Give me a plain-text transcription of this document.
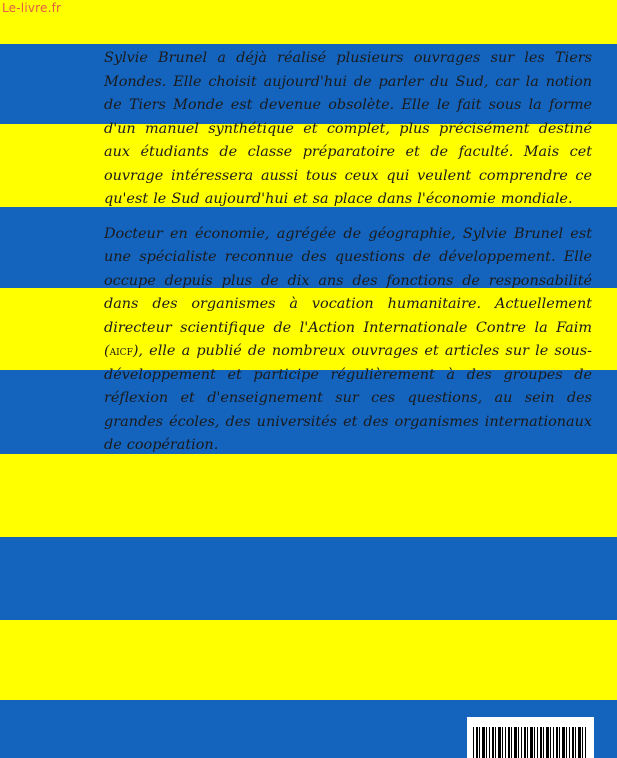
Le-livre.fr

Sylvie Brunel a déjà réalisé plusieurs ouvrages sur les Tiers Mondes. Elle choisit aujourd'hui de parler du Sud, car la notion de Tiers Monde est devenue obsolète. Elle le fait sous la forme d'un manuel synthétique et complet, plus précisément destiné aux étudiants de classe préparatoire et de faculté. Mais cet ouvrage intéressera aussi tous ceux qui veulent comprendre ce qu'est le Sud aujourd'hui et sa place dans l'économie mondiale.

Docteur en économie, agrégée de géographie, Sylvie Brunel est une spécialiste reconnue des questions de développement. Elle occupe depuis plus de dix ans des fonctions de responsabilité dans des organismes à vocation humanitaire. Actuellement directeur scientifique de l'Action Internationale Contre la Faim (aicf), elle a publié de nombreux ouvrages et articles sur le sous-développement et participe régulièrement à des groupes de réflexion et d'enseignement sur ces questions, au sein des grandes écoles, des universités et des organismes internationaux de coopération.
